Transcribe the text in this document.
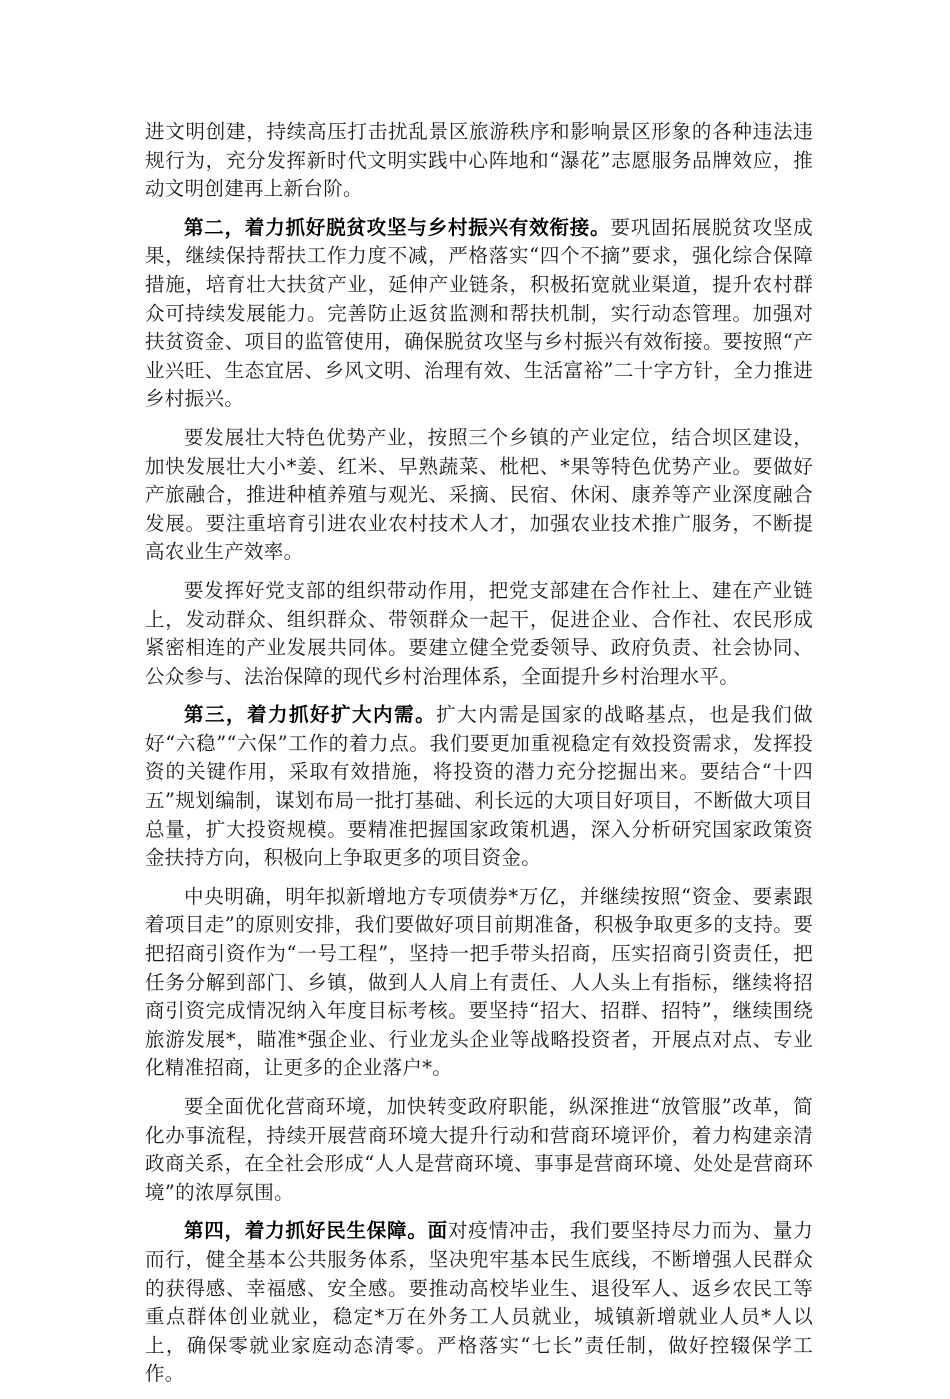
进文明创建，持续高压打击扰乱景区旅游秩序和影响景区形象的各种违法违规行为，充分发挥新时代文明实践中心阵地和“瀑花”志愿服务品牌效应，推动文明创建再上新台阶。

第二，着力抓好脱贫攻坚与乡村振兴有效衔接。要巩固拓展脱贫攻坚成果，继续保持帮扶工作力度不减，严格落实“四个不摘”要求，强化综合保障措施，培育壮大扶贫产业，延伸产业链条，积极拓宽就业渠道，提升农村群众可持续发展能力。完善防止返贫监测和帮扶机制，实行动态管理。加强对扶贫资金、项目的监管使用，确保脱贫攻坚与乡村振兴有效衔接。要按照“产业兴旺、生态宜居、乡风文明、治理有效、生活富裕”二十字方针，全力推进乡村振兴。

要发展壮大特色优势产业，按照三个乡镇的产业定位，结合坝区建设，加快发展壮大小*姜、红米、早熟蔬菜、枇杷、*果等特色优势产业。要做好产旅融合，推进种植养殖与观光、采摘、民宿、休闲、康养等产业深度融合发展。要注重培育引进农业农村技术人才，加强农业技术推广服务，不断提高农业生产效率。

要发挥好党支部的组织带动作用，把党支部建在合作社上、建在产业链上，发动群众、组织群众、带领群众一起干，促进企业、合作社、农民形成紧密相连的产业发展共同体。要建立健全党委领导、政府负责、社会协同、公众参与、法治保障的现代乡村治理体系，全面提升乡村治理水平。

第三，着力抓好扩大内需。扩大内需是国家的战略基点，也是我们做好“六稳”“六保”工作的着力点。我们要更加重视稳定有效投资需求，发挥投资的关键作用，采取有效措施，将投资的潜力充分挖掘出来。要结合“十四五”规划编制，谋划布局一批打基础、利长远的大项目好项目，不断做大项目总量，扩大投资规模。要精准把握国家政策机遇，深入分析研究国家政策资金扶持方向，积极向上争取更多的项目资金。

中央明确，明年拟新增地方专项债券*万亿，并继续按照“资金、要素跟着项目走”的原则安排，我们要做好项目前期准备，积极争取更多的支持。要把招商引资作为“一号工程”，坚持一把手带头招商，压实招商引资责任，把任务分解到部门、乡镇，做到人人肩上有责任、人人头上有指标，继续将招商引资完成情况纳入年度目标考核。要坚持“招大、招群、招特”，继续围绕旅游发展*，瞄准*强企业、行业龙头企业等战略投资者，开展点对点、专业化精准招商，让更多的企业落户*。

要全面优化营商环境，加快转变政府职能，纵深推进“放管服”改革，简化办事流程，持续开展营商环境大提升行动和营商环境评价，着力构建亲清政商关系，在全社会形成“人人是营商环境、事事是营商环境、处处是营商环境”的浓厚氛围。

第四，着力抓好民生保障。面对疫情冲击，我们要坚持尽力而为、量力而行，健全基本公共服务体系，坚决兜牢基本民生底线，不断增强人民群众的获得感、幸福感、安全感。要推动高校毕业生、退役军人、返乡农民工等重点群体创业就业，稳定*万在外务工人员就业，城镇新增就业人员*人以上，确保零就业家庭动态清零。严格落实“七长”责任制，做好控辍保学工作。
